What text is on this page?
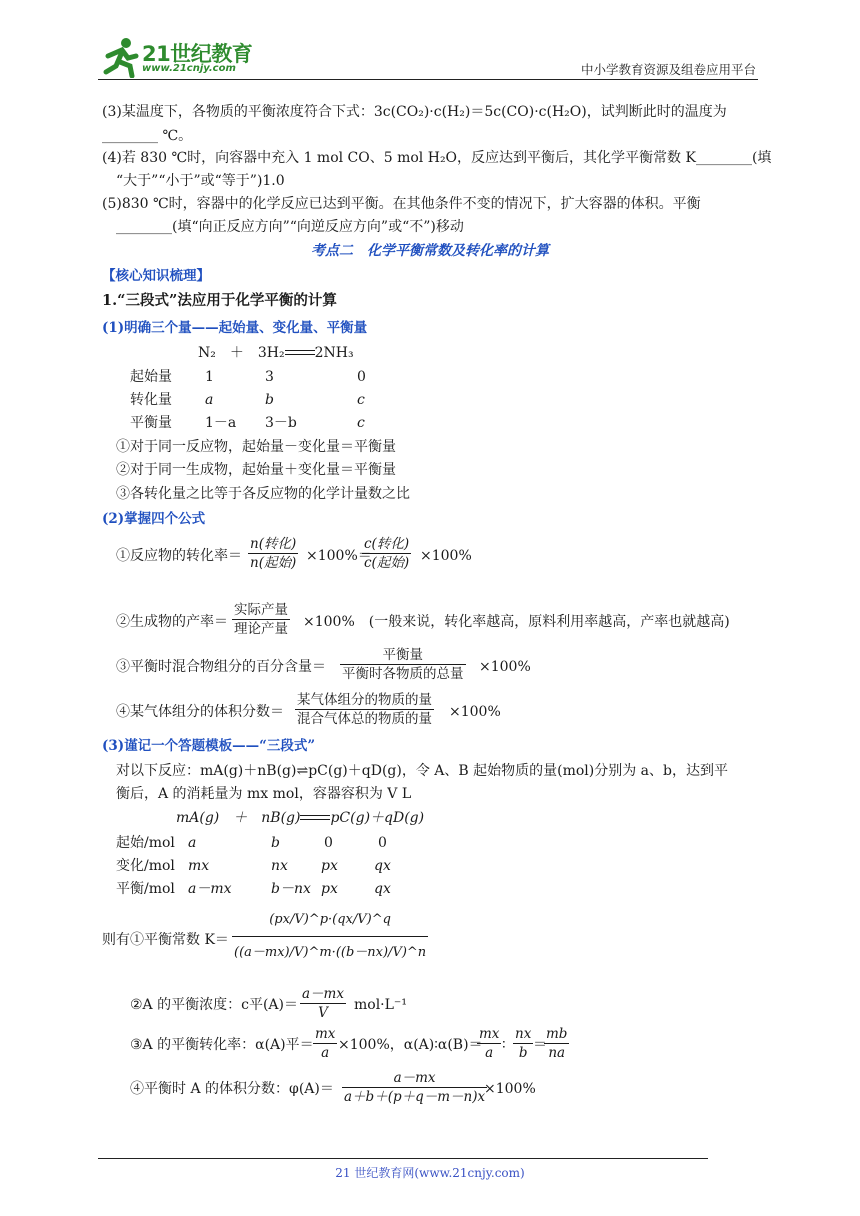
21世纪教育
www.21cnjy.com	中小学教育资源及组卷应用平台
(3)某温度下，各物质的平衡浓度符合下式：3c(CO₂)·c(H₂)＝5c(CO)·c(H₂O)，试判断此时的温度为
________ ℃。
(4)若 830 ℃时，向容器中充入 1 mol CO、5 mol H₂O，反应达到平衡后，其化学平衡常数 K________(填
“大于”“小于”或“等于”)1.0
(5)830 ℃时，容器中的化学反应已达到平衡。在其他条件不变的情况下，扩大容器的体积。平衡
________(填“向正反应方向”“向逆反应方向”或“不”)移动
考点二　化学平衡常数及转化率的计算
【核心知识梳理】
1.“三段式”法应用于化学平衡的计算
(1)明确三个量——起始量、变化量、平衡量
N₂　＋　3H₂ 2NH₃
起始量 1	3	0
转化量 a	b	c
平衡量 1－a 3－b	c
①对于同一反应物，起始量－变化量＝平衡量
②对于同一生成物，起始量＋变化量＝平衡量
③各转化量之比等于各反应物的化学计量数之比
(2)掌握四个公式
①反应物的转化率＝
n(转化)
n(起始) ×100%＝
c(转化)
c(起始) ×100%
②生成物的产率＝
实际产量
理论产量 ×100%　(一般来说，转化率越高，原料利用率越高，产率也就越高)
③平衡时混合物组分的百分含量＝
平衡量
平衡时各物质的总量 ×100%
④某气体组分的体积分数＝
某气体组分的物质的量
混合气体总的物质的量 ×100%
(3)谨记一个答题模板——“三段式”
对以下反应：mA(g)＋nB(g)⇌pC(g)＋qD(g)，令 A、B 起始物质的量(mol)分别为 a、b，达到平
衡后，A 的消耗量为 mx mol，容器容积为 V L
mA(g)　＋　nB(g) pC(g)＋qD(g)
起始/mol a	b	0	0
变化/mol mx	nx px	qx
平衡/mol a－mx	b－nx px	qx
则有①平衡常数 $K= \frac{(px/V)\^{}p\cdot(qx/V)\^{}q}{((a-mx)/V)\^{}m\cdot((b-nx)/V)\^{}n}$
②A 的平衡浓度：c平$(A)= \frac{a-mx}{V} mol\cdot L^{-1}$
③A 的平衡转化率：α(A)平＝ $\frac{mx}{a} \times 100\%$，α(A)∶α(B)＝
$\frac{mx}{a}$ ∶ $\frac{nx}{b}$ ＝
$\frac{mb}{na}$
④平衡时 A 的体积分数：$\varphi(A)= \frac{a-mx}{a+b+(p+q-m-n)x}$
×100%
21 世纪教育网(www.21cnjy.com)
